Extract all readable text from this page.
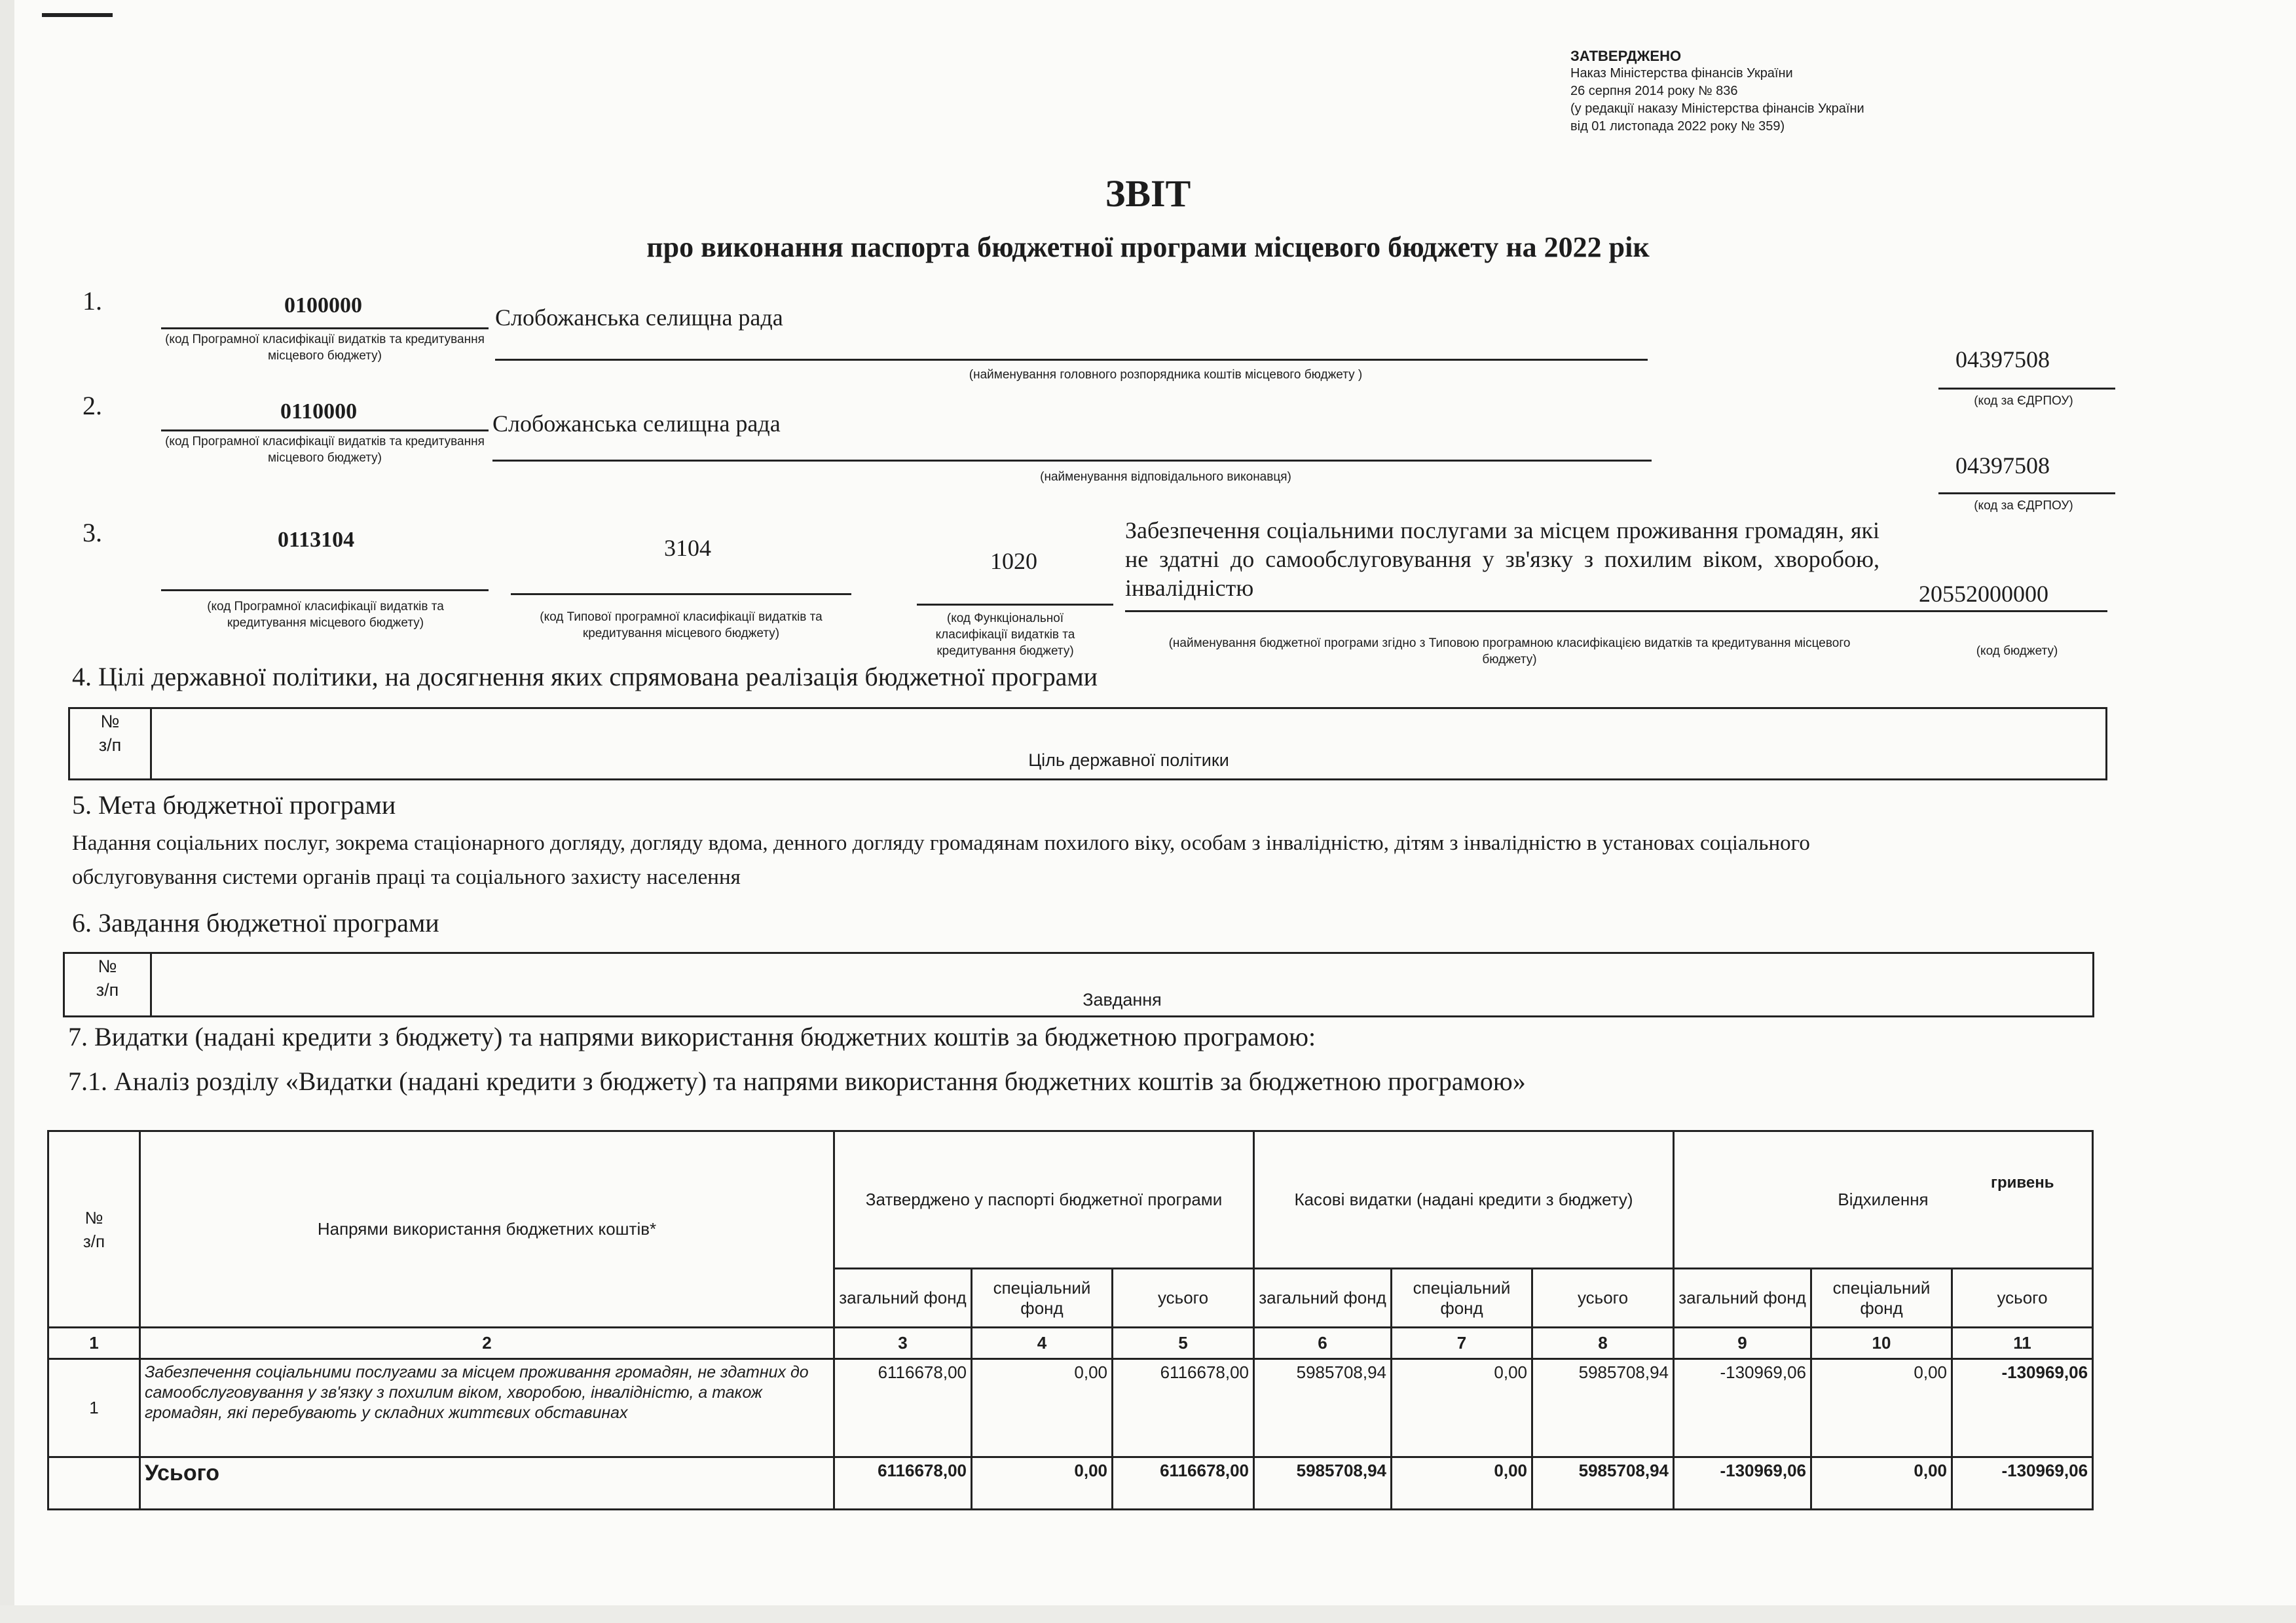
ЗАТВЕРДЖЕНО
Наказ Міністерства фінансів України
26 серпня 2014 року № 836
(у редакції наказу Міністерства фінансів України
від 01 листопада 2022 року № 359)
ЗВІТ
про виконання паспорта бюджетної програми місцевого бюджету на 2022 рік
1.	0100000	Слобожанська селищна рада
(код Програмної класифікації видатків та кредитування місцевого бюджету)
(найменування головного розпорядника коштів місцевого бюджету )
04397508
(код за ЄДРПОУ)
2.	0110000	Слобожанська селищна рада
(код Програмної класифікації видатків та кредитування місцевого бюджету)
(найменування відповідального виконавця)	04397508
(код за ЄДРПОУ)
3.	0113104	3104	1020
Забезпечення соціальними послугами за місцем проживання громадян, які не здатні до самообслуговування у зв'язку з похилим віком, хворобою, інвалідністю	20552000000
(код Програмної класифікації видатків та кредитування місцевого бюджету)	(код Типової програмної класифікації видатків та кредитування місцевого бюджету)
(код Функціональної класифікації видатків та кредитування бюджету)
(найменування бюджетної програми згідно з Типовою програмною класифікацією видатків та кредитування місцевого бюджету)
(код бюджету)
4. Цілі державної політики, на досягнення яких спрямована реалізація бюджетної програми
№
з/п	Ціль державної політики
5. Мета бюджетної програми
Надання соціальних послуг, зокрема стаціонарного догляду, догляду вдома, денного догляду громадянам похилого віку, особам з інвалідністю, дітям з інвалідністю в установах соціального
обслуговування системи органів праці та соціального захисту населення
6. Завдання бюджетної програми
№
з/п	Завдання
7. Видатки (надані кредити з бюджету) та напрями використання бюджетних коштів за бюджетною програмою:
7.1. Аналіз розділу «Видатки (надані кредити з бюджету) та напрями використання бюджетних коштів за бюджетною програмою»
гривень
№
з/п	Напрями використання бюджетних коштів*	Затверджено у паспорті бюджетної програми			Касові видатки (надані кредити з бюджету)			Відхилення		
		загальний фонд	спеціальний фонд	усього	загальний фонд	спеціальний фонд	усього	загальний фонд	спеціальний фонд	усього
1	2	3	4	5	6	7	8	9	10	11
1	Забезпечення соціальними послугами за місцем проживання громадян, не здатних до самообслуговування у зв'язку з похилим віком, хворобою, інвалідністю, а також громадян, які перебувають у складних життєвих обставинах	6116678,00	0,00	6116678,00	5985708,94	0,00	5985708,94	-130969,06	0,00	-130969,06
	Усього	6116678,00	0,00	6116678,00	5985708,94	0,00	5985708,94	-130969,06	0,00	-130969,06
